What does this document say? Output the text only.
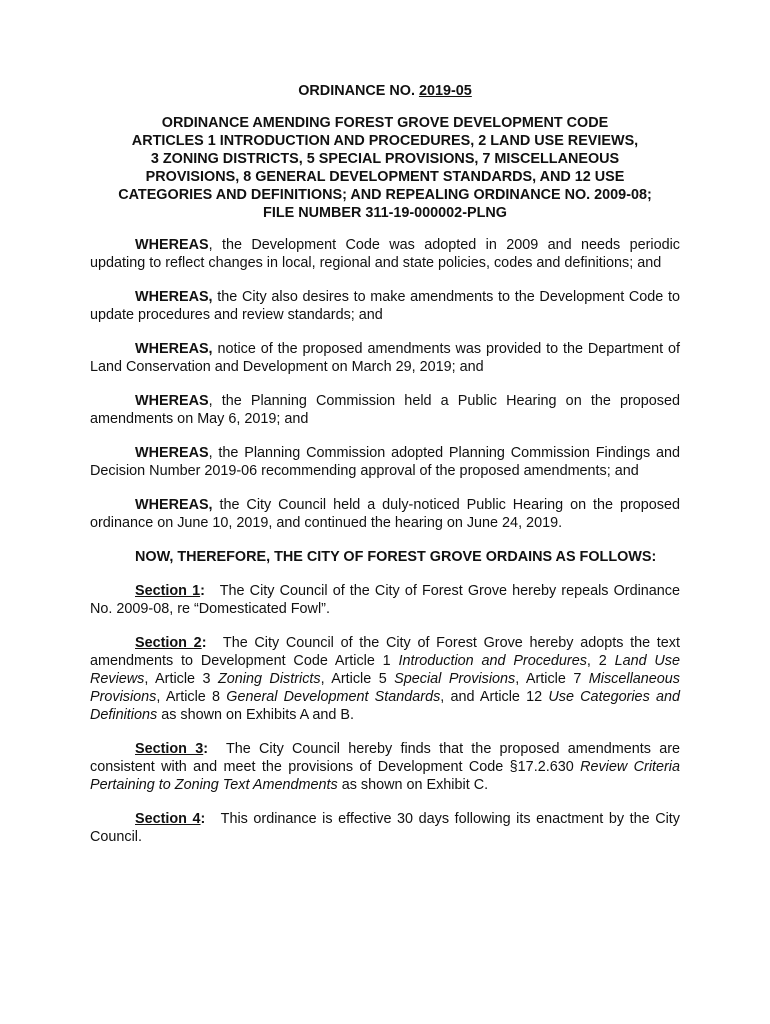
ORDINANCE NO. 2019-05
ORDINANCE AMENDING FOREST GROVE DEVELOPMENT CODE
ARTICLES 1 INTRODUCTION AND PROCEDURES, 2 LAND USE REVIEWS,
3 ZONING DISTRICTS, 5 SPECIAL PROVISIONS, 7 MISCELLANEOUS
PROVISIONS, 8 GENERAL DEVELOPMENT STANDARDS, AND 12 USE
CATEGORIES AND DEFINITIONS; AND REPEALING ORDINANCE NO. 2009-08;
FILE NUMBER 311-19-000002-PLNG

WHEREAS, the Development Code was adopted in 2009 and needs periodic updating to reflect changes in local, regional and state policies, codes and definitions; and

WHEREAS, the City also desires to make amendments to the Development Code to update procedures and review standards; and

WHEREAS, notice of the proposed amendments was provided to the Department of Land Conservation and Development on March 29, 2019; and

WHEREAS, the Planning Commission held a Public Hearing on the proposed amendments on May 6, 2019; and

WHEREAS, the Planning Commission adopted Planning Commission Findings and Decision Number 2019-06 recommending approval of the proposed amendments; and

WHEREAS, the City Council held a duly-noticed Public Hearing on the proposed ordinance on June 10, 2019, and continued the hearing on June 24, 2019.

NOW, THEREFORE, THE CITY OF FOREST GROVE ORDAINS AS FOLLOWS:

Section 1: The City Council of the City of Forest Grove hereby repeals Ordinance No. 2009-08, re “Domesticated Fowl”.

Section 2: The City Council of the City of Forest Grove hereby adopts the text amendments to Development Code Article 1 Introduction and Procedures, 2 Land Use Reviews, Article 3 Zoning Districts, Article 5 Special Provisions, Article 7 Miscellaneous Provisions, Article 8 General Development Standards, and Article 12 Use Categories and Definitions as shown on Exhibits A and B.

Section 3: The City Council hereby finds that the proposed amendments are consistent with and meet the provisions of Development Code §17.2.630 Review Criteria Pertaining to Zoning Text Amendments as shown on Exhibit C.

Section 4: This ordinance is effective 30 days following its enactment by the City Council.
